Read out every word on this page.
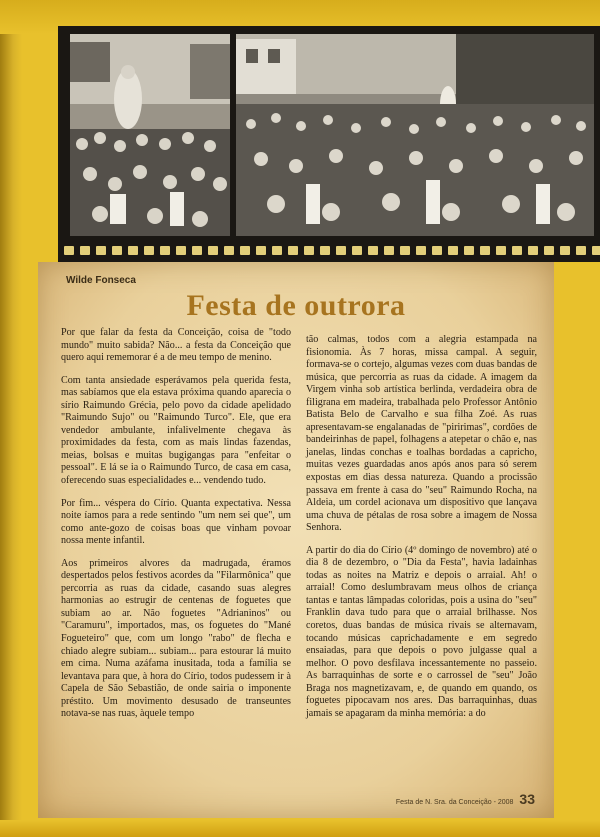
Wilde Fonseca
Festa de outrora

Por que falar da festa da Conceição, coisa de "todo mundo" muito sabida? Não... a festa da Conceição que quero aqui rememorar é a de meu tempo de menino.

Com tanta ansiedade esperávamos pela querida festa, mas sabíamos que ela estava próxima quando aparecia o sírio Raimundo Grécia, pelo povo da cidade apelidado "Raimundo Sujo" ou "Raimundo Turco". Ele, que era vendedor ambulante, infalivelmente chegava às proximidades da festa, com as mais lindas fazendas, meias, bolsas e muitas bugigangas para "enfeitar o pessoal". E lá se ia o Raimundo Turco, de casa em casa, oferecendo suas especialidades e... vendendo tudo.

Por fim... véspera do Círio. Quanta expectativa. Nessa noite íamos para a rede sentindo "um nem sei que", um como ante-gozo de coisas boas que vinham povoar nossa mente infantil.

Aos primeiros alvores da madrugada, éramos despertados pelos festivos acordes da "Filarmônica" que percorria as ruas da cidade, casando suas alegres harmonias ao estrugir de centenas de foguetes que subiam ao ar. Não foguetes "Adrianinos" ou "Caramuru", importados, mas, os foguetes do "Mané Fogueteiro" que, com um longo "rabo" de flecha e chiado alegre subiam... subiam... para estourar lá muito em cima. Numa azáfama inusitada, toda a família se levantava para que, à hora do Círio, todos pudessem ir à Capela de São Sebastião, de onde sairia o imponente préstito. Um movimento desusado de transeuntes notava-se nas ruas, àquele tempo

tão calmas, todos com a alegria estampada na fisionomia. Às 7 horas, missa campal. A seguir, formava-se o cortejo, algumas vezes com duas bandas de música, que percorria as ruas da cidade. A imagem da Virgem vinha sob artística berlinda, verdadeira obra de filigrana em madeira, trabalhada pelo Professor Antônio Batista Belo de Carvalho e sua filha Zoé. As ruas apresentavam-se engalanadas de "piririmas", cordões de bandeirinhas de papel, folhagens a atepetar o chão e, nas janelas, lindas conchas e toalhas bordadas a capricho, muitas vezes guardadas anos após anos para só serem expostas em dias dessa natureza. Quando a procissão passava em frente à casa do "seu" Raimundo Rocha, na Aldeia, um cordel acionava um dispositivo que lançava uma chuva de pétalas de rosa sobre a imagem de Nossa Senhora.

A partir do dia do Círio (4º domingo de novembro) até o dia 8 de dezembro, o "Dia da Festa", havia ladainhas todas as noites na Matriz e depois o arraial. Ah! o arraial! Como deslumbravam meus olhos de criança tantas e tantas lâmpadas coloridas, pois a usina do "seu" Franklin dava tudo para que o arraial brilhasse. Nos coretos, duas bandas de música rivais se alternavam, tocando músicas caprichadamente e em segredo ensaiadas, para que depois o povo julgasse qual a melhor. O povo desfilava incessantemente no passeio. As barraquinhas de sorte e o carrossel de "seu" João Braga nos magnetizavam, e, de quando em quando, os foguetes pipocavam nos ares. Das barraquinhas, duas jamais se apagaram da minha memória: a do

Festa de N. Sra. da Conceição - 2008 33
